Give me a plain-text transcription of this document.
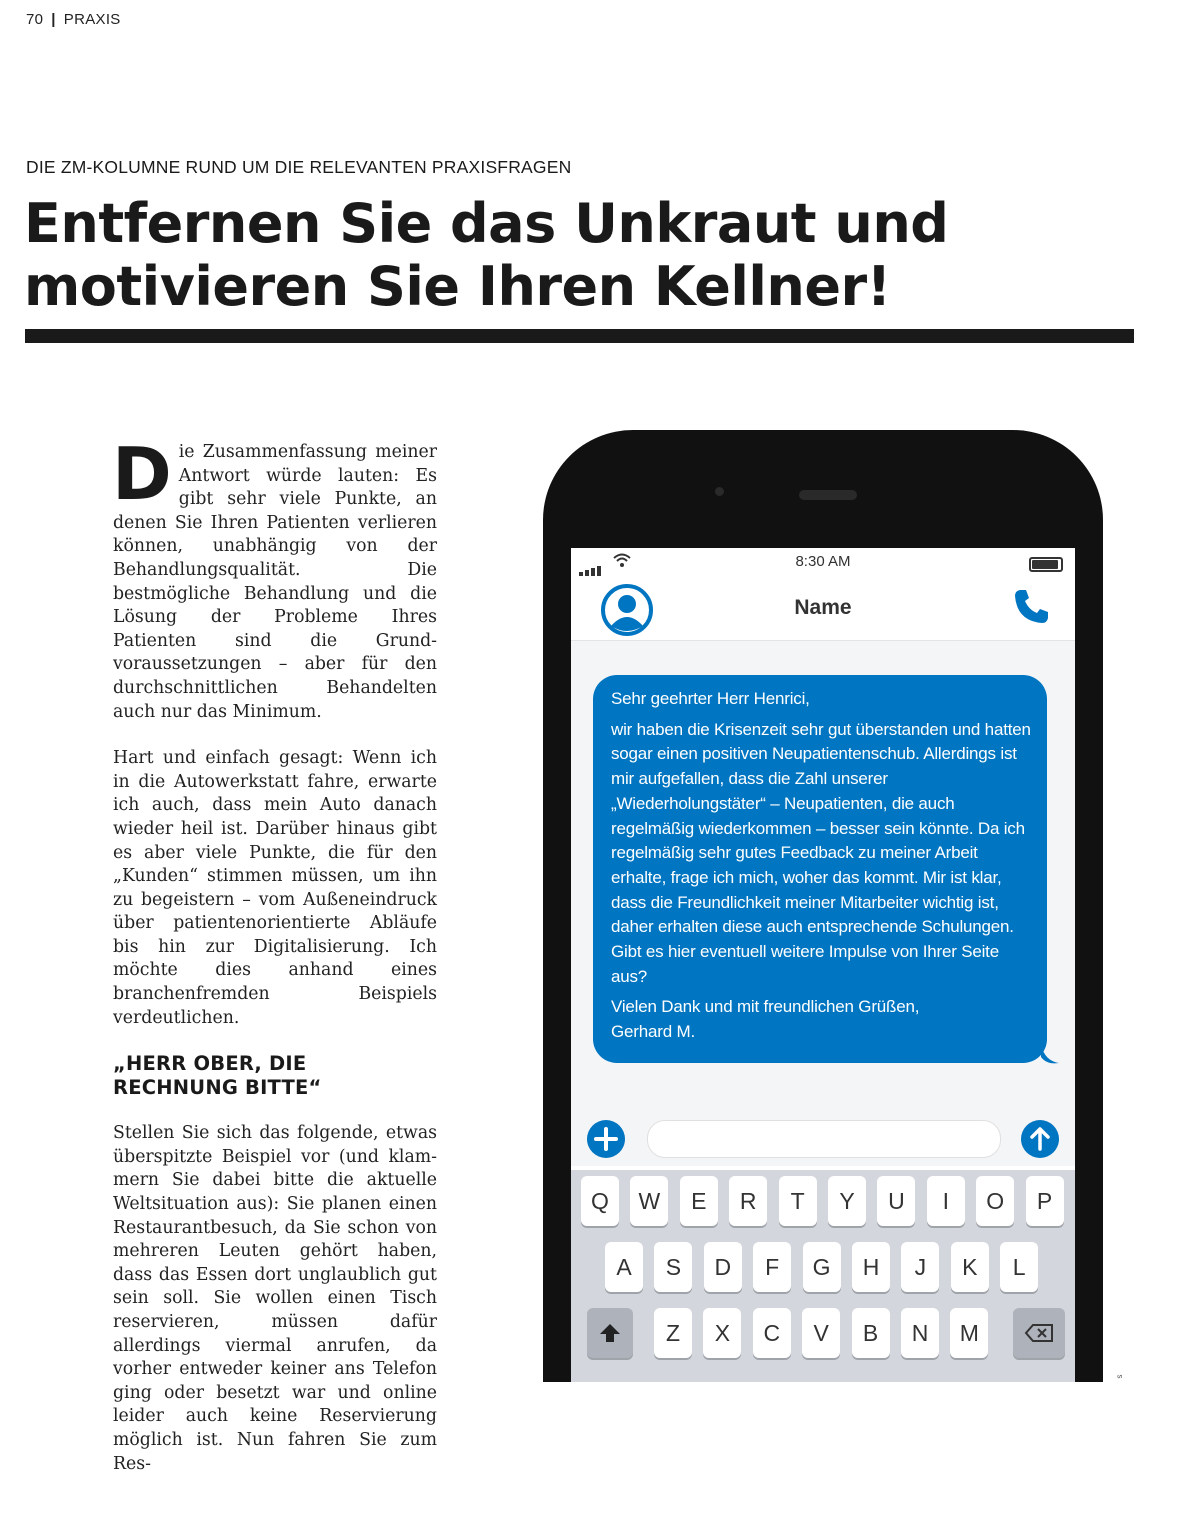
70 | PRAXIS
DIE ZM-KOLUMNE RUND UM DIE RELEVANTEN PRAXISFRAGEN
Entfernen Sie das Unkraut und
motivieren Sie Ihren Kellner!

Die Zusammenfassung meiner Antwort würde lauten: Es gibt sehr viele Punkte, an denen Sie Ihren Patienten verlieren können, unabhängig von der Behandlungsqualität. Die bestmögliche Behandlung und die Lösung der Probleme Ihres Patienten sind die Grundvoraussetzungen – aber für den durchschnittlichen Behandelten auch nur das Minimum.

Hart und einfach gesagt: Wenn ich in die Autowerkstatt fahre, erwarte ich auch, dass mein Auto danach wieder heil ist. Darüber hinaus gibt es aber viele Punkte, die für den „Kunden“ stimmen müssen, um ihn zu begeistern – vom Außeneindruck über patientenorientierte Abläufe bis hin zur Digitalisierung. Ich möchte dies anhand eines branchenfremden Beispiels verdeutlichen.

„HERR OBER, DIE RECHNUNG BITTE“

Stellen Sie sich das folgende, etwas überspitzte Beispiel vor (und klammern Sie dabei bitte die aktuelle Weltsituation aus): Sie planen einen Restaurantbesuch, da Sie schon von mehreren Leuten gehört haben, dass das Essen dort unglaublich gut sein soll. Sie wollen einen Tisch reservieren, müssen dafür allerdings viermal anrufen, da vorher entweder keiner ans Telefon ging oder besetzt war und online leider auch keine Reservierung möglich ist. Nun fahren Sie zum Res-

8:30 AM
Name

Sehr geehrter Herr Henrici,

wir haben die Krisenzeit sehr gut überstanden und hatten sogar einen positiven Neupatientenschub. Allerdings ist mir aufgefallen, dass die Zahl unserer „Wiederholungstäter“ – Neupatienten, die auch regelmäßig wiederkommen – besser sein könnte. Da ich regelmäßig sehr gutes Feedback zu meiner Arbeit erhalte, frage ich mich, woher das kommt. Mir ist klar, dass die Freundlichkeit meiner Mitarbeiter wichtig ist, daher erhalten diese auch entsprechende Schulungen. Gibt es hier eventuell weitere Impulse von Ihrer Seite aus?

Vielen Dank und mit freundlichen Grüßen,

Gerhard M.

Q	W	E	R	T	Y	U	I	O	P
A	S	D	F	G	H	J	K	L
Z	X	C	V	B	N	M
s
